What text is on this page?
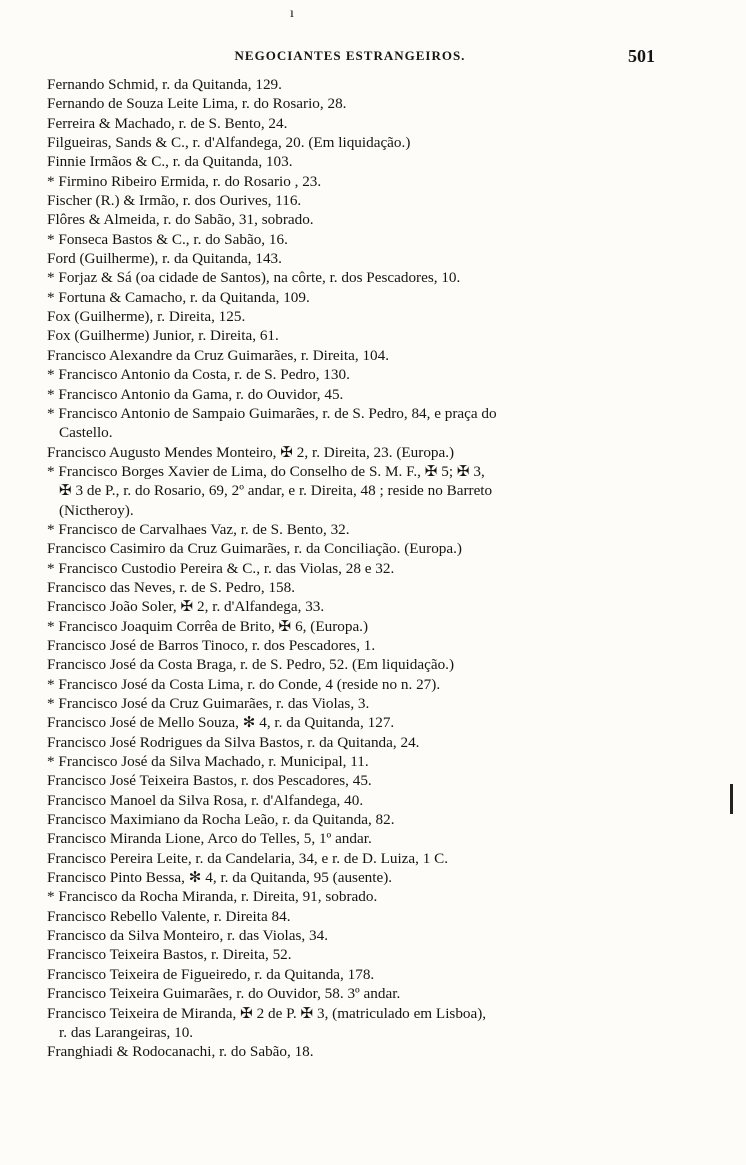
ı
NEGOCIANTES ESTRANGEIROS.	501
Fernando Schmid, r. da Quitanda, 129.
Fernando de Souza Leite Lima, r. do Rosario, 28.
Ferreira & Machado, r. de S. Bento, 24.
Filgueiras, Sands & C., r. d'Alfandega, 20. (Em liquidação.)
Finnie Irmãos & C., r. da Quitanda, 103.
* Firmino Ribeiro Ermida, r. do Rosario , 23.
Fischer (R.) & Irmão, r. dos Ourives, 116.
Flôres & Almeida, r. do Sabão, 31, sobrado.
* Fonseca Bastos & C., r. do Sabão, 16.
Ford (Guilherme), r. da Quitanda, 143.
* Forjaz & Sá (oa cidade de Santos), na côrte, r. dos Pescadores, 10.
* Fortuna & Camacho, r. da Quitanda, 109.
Fox (Guilherme), r. Direita, 125.
Fox (Guilherme) Junior, r. Direita, 61.
Francisco Alexandre da Cruz Guimarães, r. Direita, 104.
* Francisco Antonio da Costa, r. de S. Pedro, 130.
* Francisco Antonio da Gama, r. do Ouvidor, 45.
* Francisco Antonio de Sampaio Guimarães, r. de S. Pedro, 84, e praça do
Castello.
Francisco Augusto Mendes Monteiro, ✠ 2, r. Direita, 23. (Europa.)
* Francisco Borges Xavier de Lima, do Conselho de S. M. F., ✠ 5; ✠ 3,
✠ 3 de P., r. do Rosario, 69, 2º andar, e r. Direita, 48 ; reside no Barreto
(Nictheroy).
* Francisco de Carvalhaes Vaz, r. de S. Bento, 32.
Francisco Casimiro da Cruz Guimarães, r. da Conciliação. (Europa.)
* Francisco Custodio Pereira & C., r. das Violas, 28 e 32.
Francisco das Neves, r. de S. Pedro, 158.
Francisco João Soler, ✠ 2, r. d'Alfandega, 33.
* Francisco Joaquim Corrêa de Brito, ✠ 6, (Europa.)
Francisco José de Barros Tinoco, r. dos Pescadores, 1.
Francisco José da Costa Braga, r. de S. Pedro, 52. (Em liquidação.)
* Francisco José da Costa Lima, r. do Conde, 4 (reside no n. 27).
* Francisco José da Cruz Guimarães, r. das Violas, 3.
Francisco José de Mello Souza, ✻ 4, r. da Quitanda, 127.
Francisco José Rodrigues da Silva Bastos, r. da Quitanda, 24.
* Francisco José da Silva Machado, r. Municipal, 11.
Francisco José Teixeira Bastos, r. dos Pescadores, 45.
Francisco Manoel da Silva Rosa, r. d'Alfandega, 40.
Francisco Maximiano da Rocha Leão, r. da Quitanda, 82.
Francisco Miranda Lione, Arco do Telles, 5, 1º andar.
Francisco Pereira Leite, r. da Candelaria, 34, e r. de D. Luiza, 1 C.
Francisco Pinto Bessa, ✻ 4, r. da Quitanda, 95 (ausente).
* Francisco da Rocha Miranda, r. Direita, 91, sobrado.
Francisco Rebello Valente, r. Direita 84.
Francisco da Silva Monteiro, r. das Violas, 34.
Francisco Teixeira Bastos, r. Direita, 52.
Francisco Teixeira de Figueiredo, r. da Quitanda, 178.
Francisco Teixeira Guimarães, r. do Ouvidor, 58. 3º andar.
Francisco Teixeira de Miranda, ✠ 2 de P. ✠ 3, (matriculado em Lisboa),
r. das Larangeiras, 10.
Franghiadi & Rodocanachi, r. do Sabão, 18.
